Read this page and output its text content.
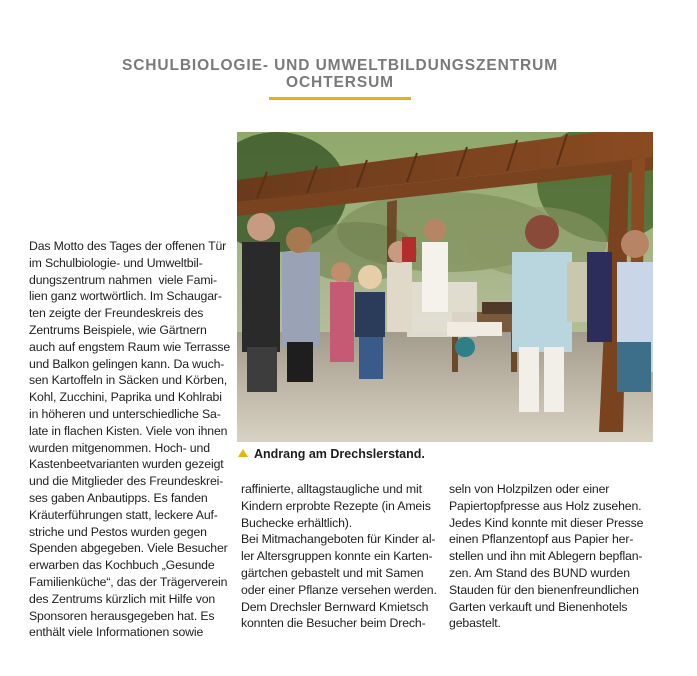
SCHULBIOLOGIE- UND UMWELTBILDUNGSZENTRUM
OCHTERSUM
Das Motto des Tages der offenen Tür
im Schulbiologie- und Umweltbil-
dungszentrum nahmen  viele Fami-
lien ganz wortwörtlich. Im Schaugar-
ten zeigte der Freundeskreis des
Zentrums Beispiele, wie Gärtnern
auch auf engstem Raum wie Terrasse
und Balkon gelingen kann. Da wuch-
sen Kartoffeln in Säcken und Körben,
Kohl, Zucchini, Paprika und Kohlrabi
in höheren und unterschiedliche Sa-
late in flachen Kisten. Viele von ihnen
wurden mitgenommen. Hoch- und
Kastenbeetvarianten wurden gezeigt
und die Mitglieder des Freundeskrei-
ses gaben Anbautipps. Es fanden
Kräuterführungen statt, leckere Auf-
striche und Pestos wurden gegen
Spenden abgegeben. Viele Besucher
erwarben das Kochbuch „Gesunde
Familienküche“, das der Trägerverein
des Zentrums kürzlich mit Hilfe von
Sponsoren herausgegeben hat. Es
enthält viele Informationen sowie
Andrang am Drechslerstand.
raffinierte, alltagstaugliche und mit
Kindern erprobte Rezepte (in Ameis
Buchecke erhältlich).
Bei Mitmachangeboten für Kinder al-
ler Altersgruppen konnte ein Karten-
gärtchen gebastelt und mit Samen
oder einer Pflanze versehen werden.
Dem Drechsler Bernward Kmietsch
konnten die Besucher beim Drech-
seln von Holzpilzen oder einer
Papiertopfpresse aus Holz zusehen.
Jedes Kind konnte mit dieser Presse
einen Pflanzentopf aus Papier her-
stellen und ihn mit Ablegern bepflan-
zen. Am Stand des BUND wurden
Stauden für den bienenfreundlichen
Garten verkauft und Bienenhotels
gebastelt.
